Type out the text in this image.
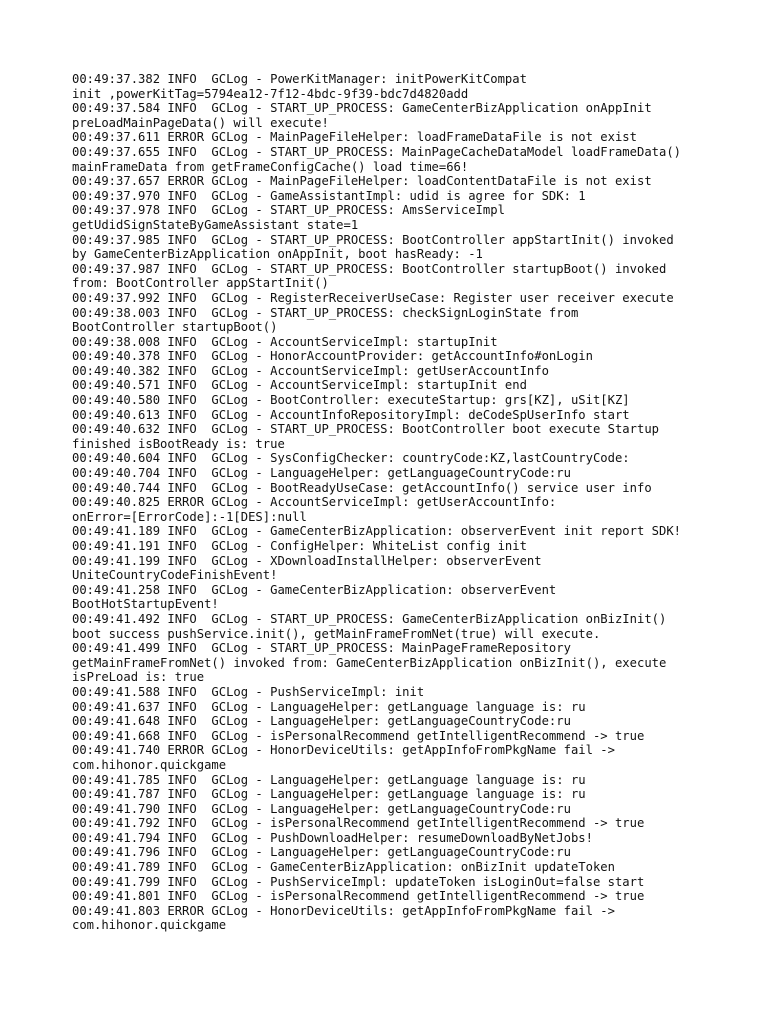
00:49:37.382 INFO  GCLog - PowerKitManager: initPowerKitCompat
init ,powerKitTag=5794ea12-7f12-4bdc-9f39-bdc7d4820add
00:49:37.584 INFO  GCLog - START_UP_PROCESS: GameCenterBizApplication onAppInit
preLoadMainPageData() will execute!
00:49:37.611 ERROR GCLog - MainPageFileHelper: loadFrameDataFile is not exist
00:49:37.655 INFO  GCLog - START_UP_PROCESS: MainPageCacheDataModel loadFrameData()
mainFrameData from getFrameConfigCache() load time=66!
00:49:37.657 ERROR GCLog - MainPageFileHelper: loadContentDataFile is not exist
00:49:37.970 INFO  GCLog - GameAssistantImpl: udid is agree for SDK: 1
00:49:37.978 INFO  GCLog - START_UP_PROCESS: AmsServiceImpl
getUdidSignStateByGameAssistant state=1
00:49:37.985 INFO  GCLog - START_UP_PROCESS: BootController appStartInit() invoked
by GameCenterBizApplication onAppInit, boot hasReady: -1
00:49:37.987 INFO  GCLog - START_UP_PROCESS: BootController startupBoot() invoked
from: BootController appStartInit()
00:49:37.992 INFO  GCLog - RegisterReceiverUseCase: Register user receiver execute
00:49:38.003 INFO  GCLog - START_UP_PROCESS: checkSignLoginState from
BootController startupBoot()
00:49:38.008 INFO  GCLog - AccountServiceImpl: startupInit
00:49:40.378 INFO  GCLog - HonorAccountProvider: getAccountInfo#onLogin
00:49:40.382 INFO  GCLog - AccountServiceImpl: getUserAccountInfo
00:49:40.571 INFO  GCLog - AccountServiceImpl: startupInit end
00:49:40.580 INFO  GCLog - BootController: executeStartup: grs[KZ], uSit[KZ]
00:49:40.613 INFO  GCLog - AccountInfoRepositoryImpl: deCodeSpUserInfo start
00:49:40.632 INFO  GCLog - START_UP_PROCESS: BootController boot execute Startup
finished isBootReady is: true
00:49:40.604 INFO  GCLog - SysConfigChecker: countryCode:KZ,lastCountryCode:
00:49:40.704 INFO  GCLog - LanguageHelper: getLanguageCountryCode:ru
00:49:40.744 INFO  GCLog - BootReadyUseCase: getAccountInfo() service user info
00:49:40.825 ERROR GCLog - AccountServiceImpl: getUserAccountInfo:
onError=[ErrorCode]:-1[DES]:null
00:49:41.189 INFO  GCLog - GameCenterBizApplication: observerEvent init report SDK!
00:49:41.191 INFO  GCLog - ConfigHelper: WhiteList config init
00:49:41.199 INFO  GCLog - XDownloadInstallHelper: observerEvent
UniteCountryCodeFinishEvent!
00:49:41.258 INFO  GCLog - GameCenterBizApplication: observerEvent
BootHotStartupEvent!
00:49:41.492 INFO  GCLog - START_UP_PROCESS: GameCenterBizApplication onBizInit()
boot success pushService.init(), getMainFrameFromNet(true) will execute.
00:49:41.499 INFO  GCLog - START_UP_PROCESS: MainPageFrameRepository
getMainFrameFromNet() invoked from: GameCenterBizApplication onBizInit(), execute
isPreLoad is: true
00:49:41.588 INFO  GCLog - PushServiceImpl: init
00:49:41.637 INFO  GCLog - LanguageHelper: getLanguage language is: ru
00:49:41.648 INFO  GCLog - LanguageHelper: getLanguageCountryCode:ru
00:49:41.668 INFO  GCLog - isPersonalRecommend getIntelligentRecommend -> true
00:49:41.740 ERROR GCLog - HonorDeviceUtils: getAppInfoFromPkgName fail ->
com.hihonor.quickgame
00:49:41.785 INFO  GCLog - LanguageHelper: getLanguage language is: ru
00:49:41.787 INFO  GCLog - LanguageHelper: getLanguage language is: ru
00:49:41.790 INFO  GCLog - LanguageHelper: getLanguageCountryCode:ru
00:49:41.792 INFO  GCLog - isPersonalRecommend getIntelligentRecommend -> true
00:49:41.794 INFO  GCLog - PushDownloadHelper: resumeDownloadByNetJobs!
00:49:41.796 INFO  GCLog - LanguageHelper: getLanguageCountryCode:ru
00:49:41.789 INFO  GCLog - GameCenterBizApplication: onBizInit updateToken
00:49:41.799 INFO  GCLog - PushServiceImpl: updateToken isLoginOut=false start
00:49:41.801 INFO  GCLog - isPersonalRecommend getIntelligentRecommend -> true
00:49:41.803 ERROR GCLog - HonorDeviceUtils: getAppInfoFromPkgName fail ->
com.hihonor.quickgame
